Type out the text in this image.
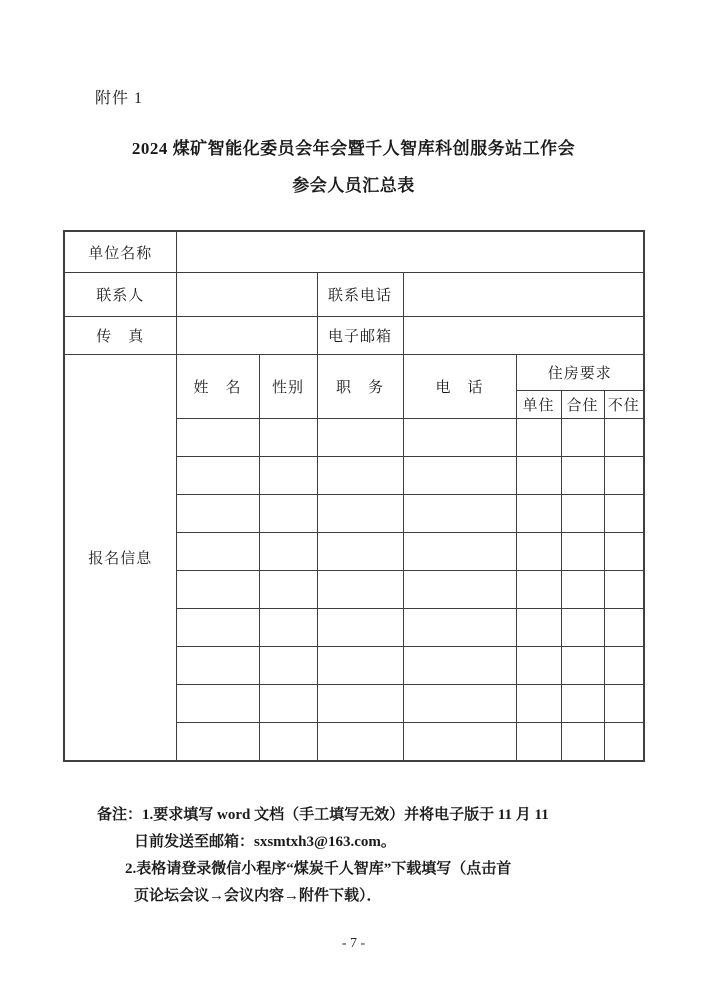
附件 1
2024 煤矿智能化委员会年会暨千人智库科创服务站工作会
参会人员汇总表
单位名称							
联系人			联系电话				
传　真			电子邮箱				
报名信息	姓　名	性别	职　务	电　话	住房要求		
					单住	合住	不住

备注：1.要求填写 word 文档（手工填写无效）并将电子版于 11 月 11
日前发送至邮箱：sxsmtxh3@163.com。
2.表格请登录微信小程序“煤炭千人智库”下载填写（点击首
页论坛会议→会议内容→附件下载）．
- 7 -
